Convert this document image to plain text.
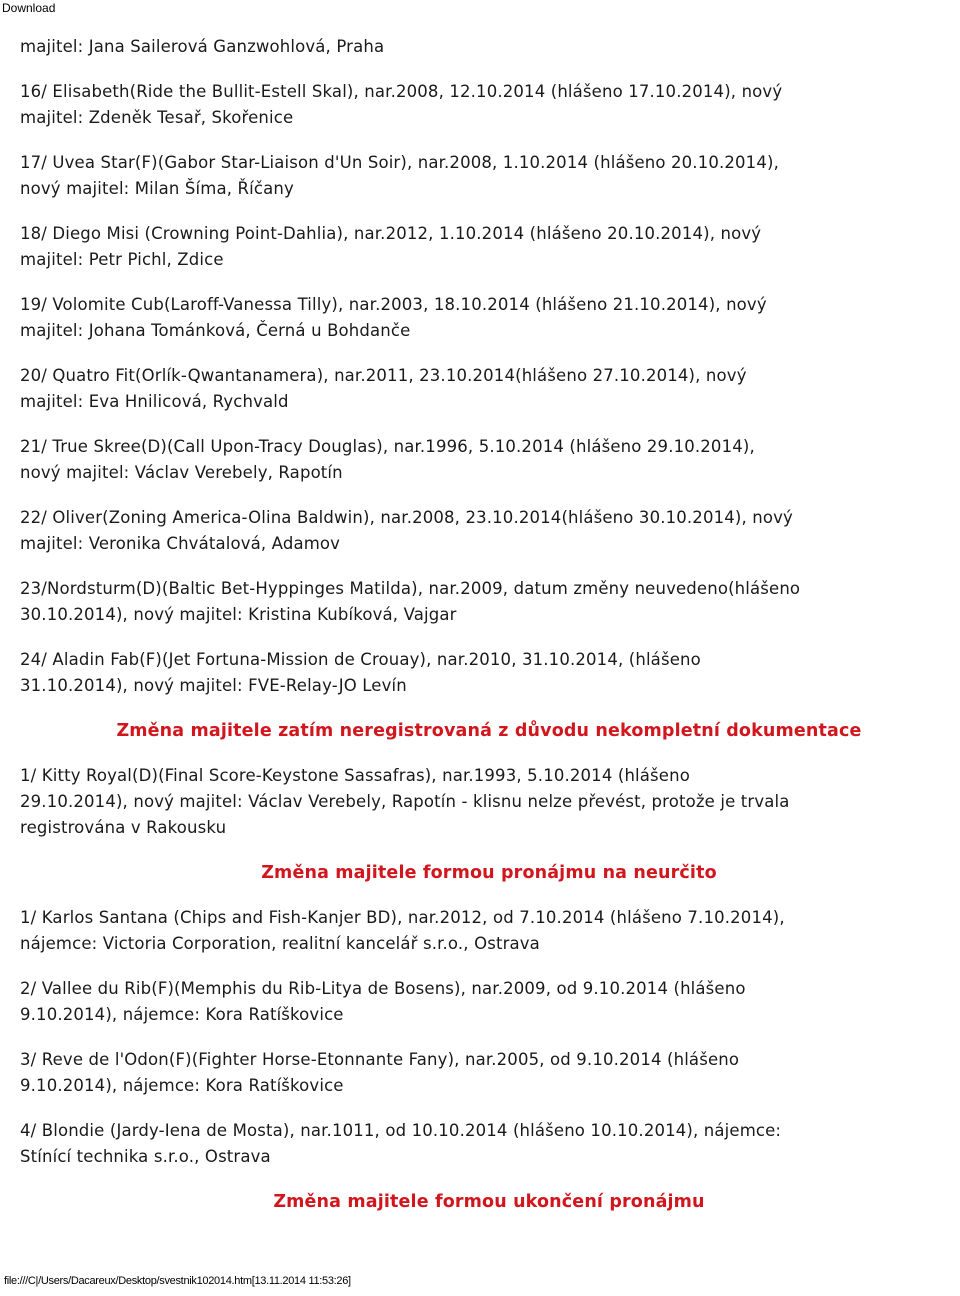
Download
majitel: Jana Sailerová Ganzwohlová, Praha
16/ Elisabeth(Ride the Bullit-Estell Skal), nar.2008, 12.10.2014 (hlášeno 17.10.2014), nový
majitel: Zdeněk Tesař, Skořenice
17/ Uvea Star(F)(Gabor Star-Liaison d'Un Soir), nar.2008, 1.10.2014 (hlášeno 20.10.2014),
nový majitel: Milan Šíma, Říčany
18/ Diego Misi (Crowning Point-Dahlia), nar.2012, 1.10.2014 (hlášeno 20.10.2014), nový
majitel: Petr Pichl, Zdice
19/ Volomite Cub(Laroff-Vanessa Tilly), nar.2003, 18.10.2014 (hlášeno 21.10.2014), nový
majitel: Johana Tománková, Černá u Bohdanče
20/ Quatro Fit(Orlík-Qwantanamera), nar.2011, 23.10.2014(hlášeno 27.10.2014), nový
majitel: Eva Hnilicová, Rychvald
21/ True Skree(D)(Call Upon-Tracy Douglas), nar.1996, 5.10.2014 (hlášeno 29.10.2014),
nový majitel: Václav Verebely, Rapotín
22/ Oliver(Zoning America-Olina Baldwin), nar.2008, 23.10.2014(hlášeno 30.10.2014), nový
majitel: Veronika Chvátalová, Adamov
23/Nordsturm(D)(Baltic Bet-Hyppinges Matilda), nar.2009, datum změny neuvedeno(hlášeno
30.10.2014), nový majitel: Kristina Kubíková, Vajgar
24/ Aladin Fab(F)(Jet Fortuna-Mission de Crouay), nar.2010, 31.10.2014, (hlášeno
31.10.2014), nový majitel: FVE-Relay-JO Levín
Změna majitele zatím neregistrovaná z důvodu nekompletní dokumentace
1/ Kitty Royal(D)(Final Score-Keystone Sassafras), nar.1993, 5.10.2014 (hlášeno
29.10.2014), nový majitel: Václav Verebely, Rapotín - klisnu nelze převést, protože je trvala
registrována v Rakousku
Změna majitele formou pronájmu na neurčito
1/ Karlos Santana (Chips and Fish-Kanjer BD), nar.2012, od 7.10.2014 (hlášeno 7.10.2014),
nájemce: Victoria Corporation, realitní kancelář s.r.o., Ostrava
2/ Vallee du Rib(F)(Memphis du Rib-Litya de Bosens), nar.2009, od 9.10.2014 (hlášeno
9.10.2014), nájemce: Kora Ratíškovice
3/ Reve de l'Odon(F)(Fighter Horse-Etonnante Fany), nar.2005, od 9.10.2014 (hlášeno
9.10.2014), nájemce: Kora Ratíškovice
4/ Blondie (Jardy-Iena de Mosta), nar.1011, od 10.10.2014 (hlášeno 10.10.2014), nájemce:
Stínící technika s.r.o., Ostrava
Změna majitele formou ukončení pronájmu
file:///C|/Users/Dacareux/Desktop/svestnik102014.htm[13.11.2014 11:53:26]
